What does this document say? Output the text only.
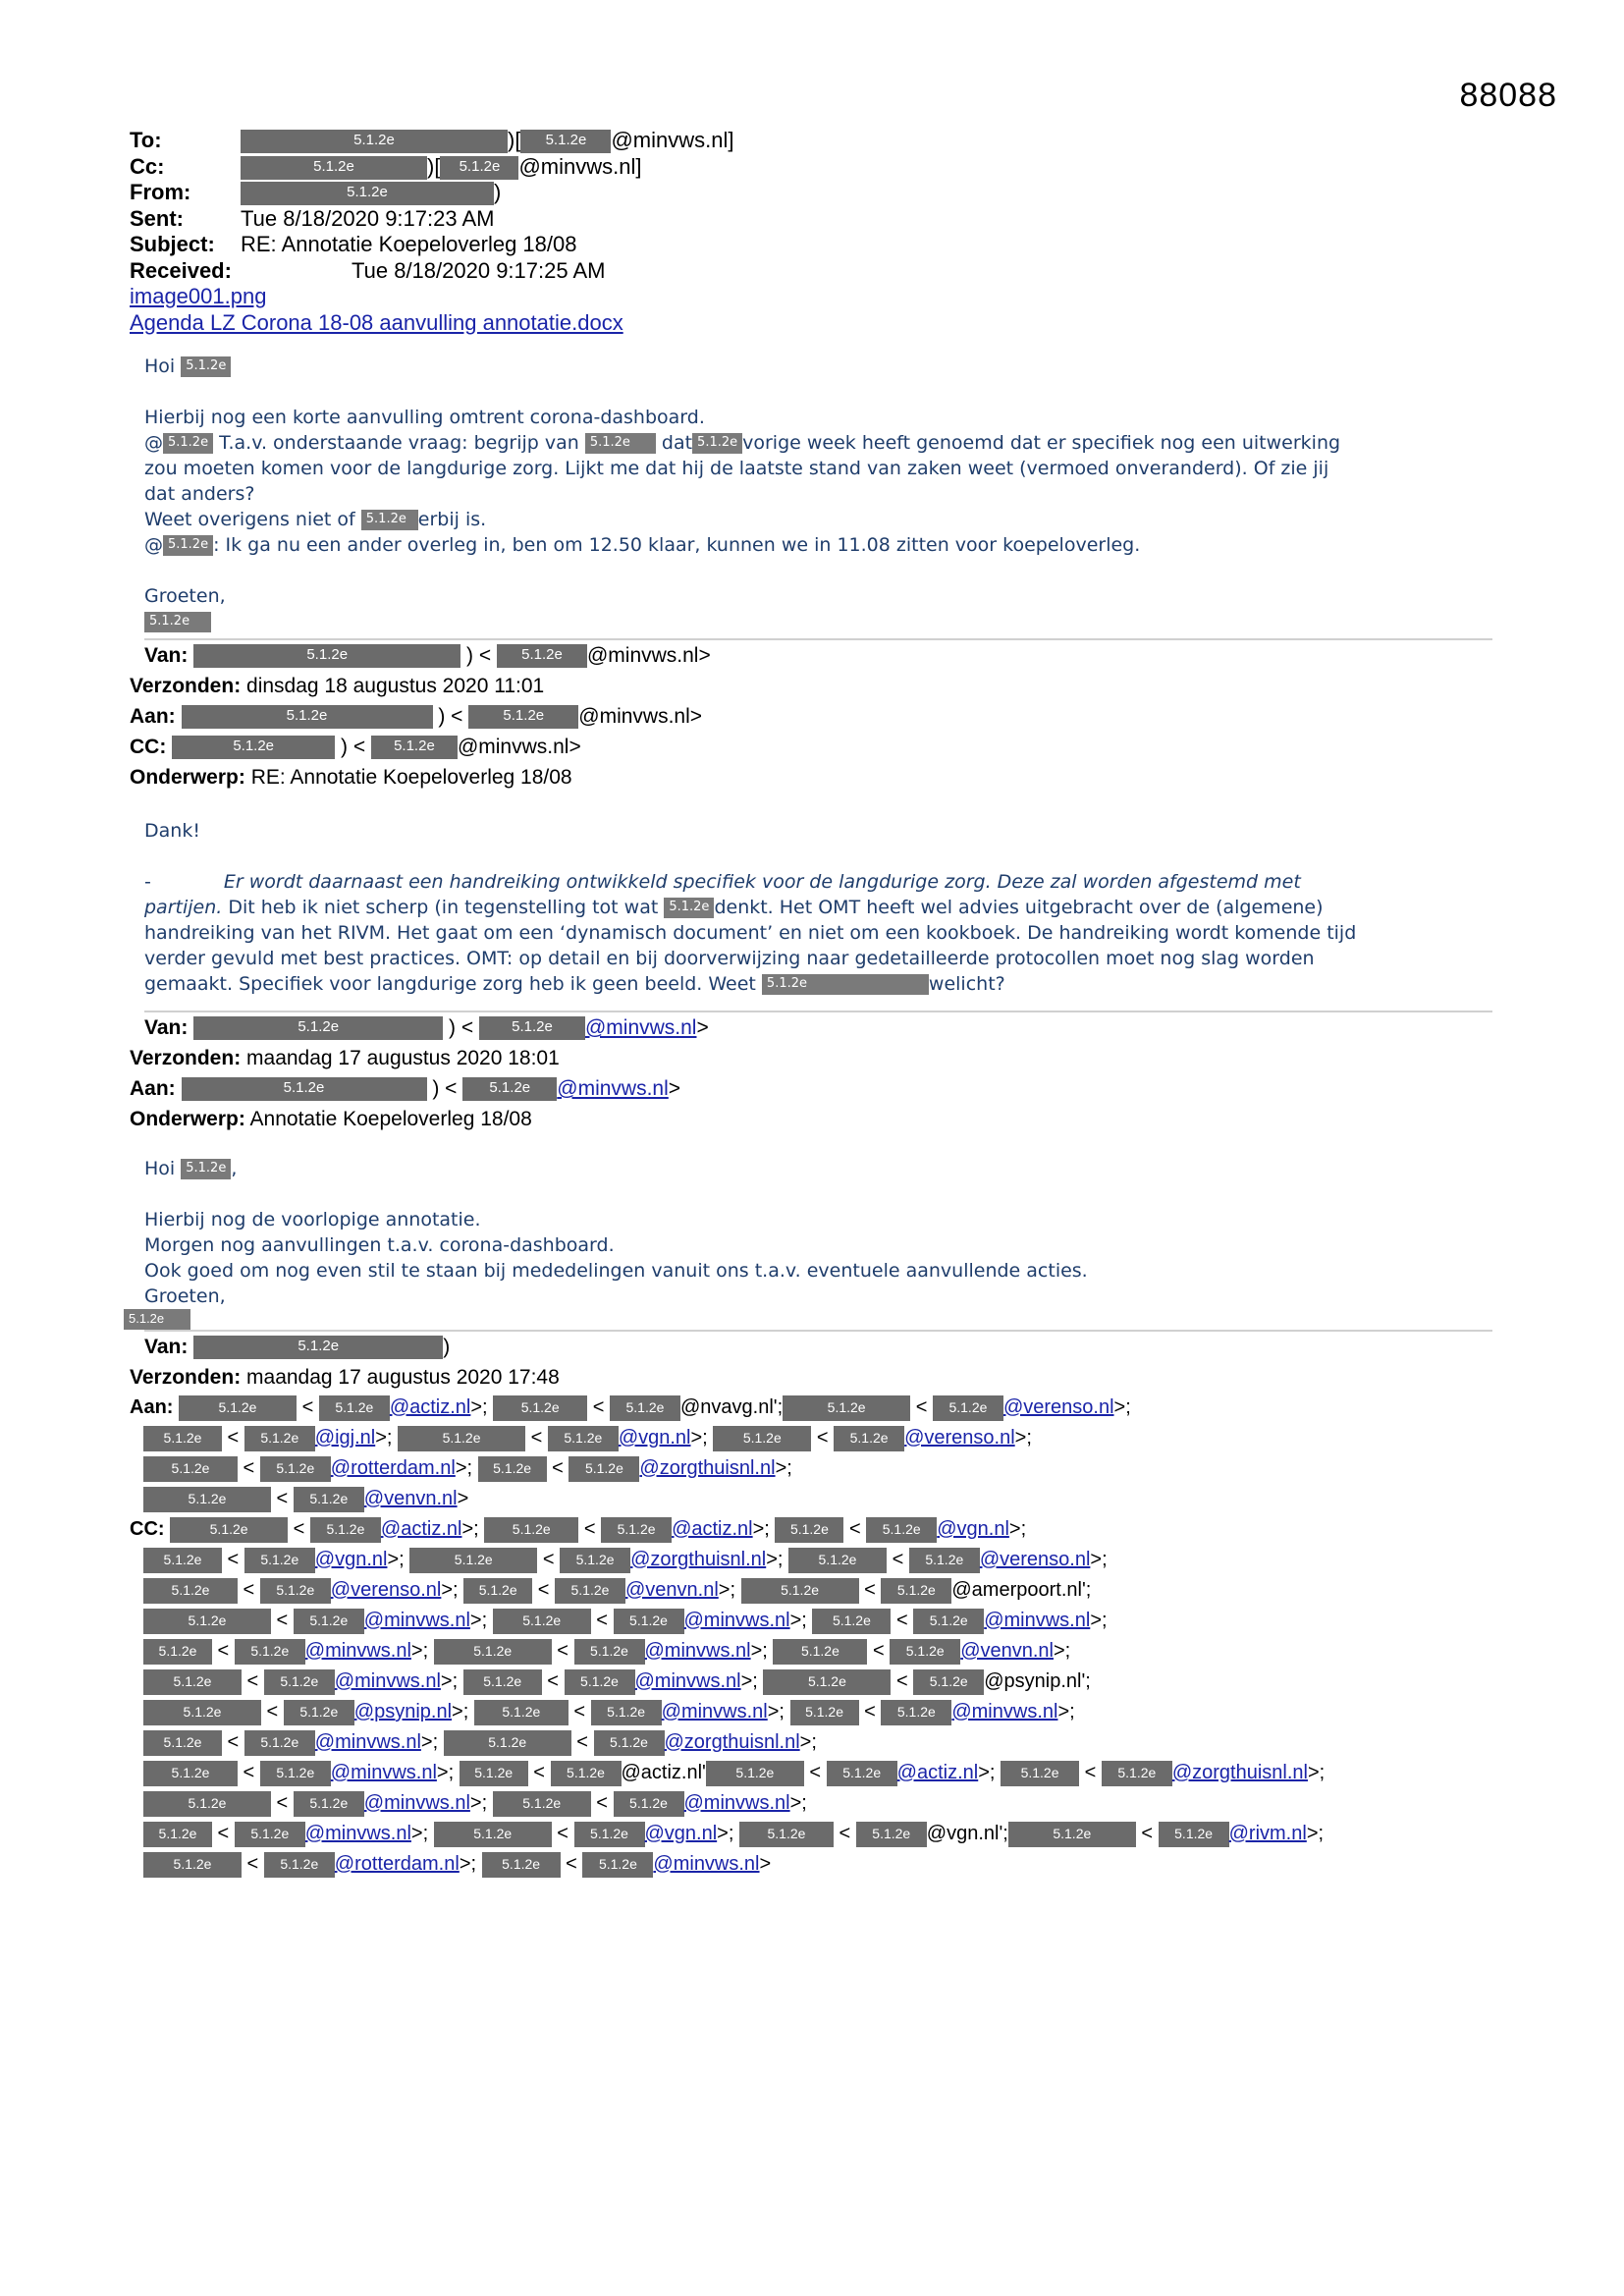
88088
To:	5.1.2e	)[ 5.1.2e @minvws.nl]
Cc:	5.1.2e	)[ 5.1.2e @minvws.nl]
From:	5.1.2e	)
Sent:	Tue 8/18/2020 9:17:23 AM
Subject: RE: Annotatie Koepeloverleg 18/08
Received:	Tue 8/18/2020 9:17:25 AM
image001.png
Agenda LZ Corona 18-08 aanvulling annotatie.docx
Hoi 5.1.2e
Hierbij nog een korte aanvulling omtrent corona-dashboard.
@ 5.1.2e T.a.v. onderstaande vraag: begrijp van 5.1.2e dat 5.1.2e vorige week heeft genoemd dat er specifiek nog een uitwerking
zou moeten komen voor de langdurige zorg. Lijkt me dat hij de laatste stand van zaken weet (vermoed onveranderd). Of zie jij
dat anders?
Weet overigens niet of 5.1.2e erbij is.
@ 5.1.2e : Ik ga nu een ander overleg in, ben om 12.50 klaar, kunnen we in 11.08 zitten voor koepeloverleg.
Groeten,
5.1.2e
Van:	5.1.2e	) < 5.1.2e @minvws.nl>
Verzonden: dinsdag 18 augustus 2020 11:01
Aan:	5.1.2e	) < 5.1.2e @minvws.nl>
CC:	5.1.2e	) < 5.1.2e @minvws.nl>
Onderwerp: RE: Annotatie Koepeloverleg 18/08
Dank!
-	Er wordt daarnaast een handreiking ontwikkeld specifiek voor de langdurige zorg. Deze zal worden afgestemd met
partijen. Dit heb ik niet scherp (in tegenstelling tot wat 5.1.2e denkt. Het OMT heeft wel advies uitgebracht over de (algemene)
handreiking van het RIVM. Het gaat om een ‘dynamisch document’ en niet om een kookboek. De handreiking wordt komende tijd
verder gevuld met best practices. OMT: op detail en bij doorverwijzing naar gedetailleerde protocollen moet nog slag worden
gemaakt. Specifiek voor langdurige zorg heb ik geen beeld. Weet 5.1.2e	welicht?
Van:	5.1.2e	) < 5.1.2e @minvws.nl>
Verzonden: maandag 17 augustus 2020 18:01
Aan:	5.1.2e	) < 5.1.2e @minvws.nl>
Onderwerp: Annotatie Koepeloverleg 18/08
Hoi 5.1.2e ,
Hierbij nog de voorlopige annotatie.
Morgen nog aanvullingen t.a.v. corona-dashboard.
Ook goed om nog even stil te staan bij mededelingen vanuit ons t.a.v. eventuele aanvullende acties.
Groeten,
5.1.2e
Van:	5.1.2e	)
Verzonden: maandag 17 augustus 2020 17:48
Aan:	5.1.2e < 5.1.2e @actiz.nl>; 5.1.2e < 5.1.2e @nvavg.nl';	5.1.2e < 5.1.2e @verenso.nl>;
5.1.2e < 5.1.2e @igj.nl>;	5.1.2e < 5.1.2e @vgn.nl>; 5.1.2e < 5.1.2e @verenso.nl>;
5.1.2e < 5.1.2e @rotterdam.nl>; 5.1.2e < 5.1.2e @zorgthuisnl.nl>;
5.1.2e < 5.1.2e @venvn.nl>
CC:	5.1.2e < 5.1.2e @actiz.nl>; 5.1.2e < 5.1.2e @actiz.nl>; 5.1.2e < 5.1.2e @vgn.nl>;
5.1.2e < 5.1.2e @vgn.nl>;	5.1.2e < 5.1.2e @zorgthuisnl.nl>; 5.1.2e < 5.1.2e @verenso.nl>;
5.1.2e < 5.1.2e @verenso.nl>; 5.1.2e < 5.1.2e @venvn.nl>;	5.1.2e < 5.1.2e @amerpoort.nl';
5.1.2e < 5.1.2e @minvws.nl>; 5.1.2e < 5.1.2e @minvws.nl>; 5.1.2e < 5.1.2e @minvws.nl>;
5.1.2e < 5.1.2e @minvws.nl>;	5.1.2e < 5.1.2e @minvws.nl>; 5.1.2e < 5.1.2e @venvn.nl>;
5.1.2e < 5.1.2e @minvws.nl>; 5.1.2e < 5.1.2e @minvws.nl>;	5.1.2e < 5.1.2e @psynip.nl';
5.1.2e < 5.1.2e @psynip.nl>; 5.1.2e < 5.1.2e @minvws.nl>; 5.1.2e < 5.1.2e @minvws.nl>;
5.1.2e < 5.1.2e @minvws.nl>;	5.1.2e < 5.1.2e @zorgthuisnl.nl>;
5.1.2e < 5.1.2e @minvws.nl>; 5.1.2e < 5.1.2e @actiz.nl' 5.1.2e < 5.1.2e @actiz.nl>; 5.1.2e < 5.1.2e @zorgthuisnl.nl>;
5.1.2e < 5.1.2e @minvws.nl>; 5.1.2e < 5.1.2e @minvws.nl>;
5.1.2e < 5.1.2e @minvws.nl>;	5.1.2e < 5.1.2e @vgn.nl>; 5.1.2e < 5.1.2e @vgn.nl';	5.1.2e < 5.1.2e @rivm.nl>;
5.1.2e < 5.1.2e @rotterdam.nl>; 5.1.2e < 5.1.2e @minvws.nl>
